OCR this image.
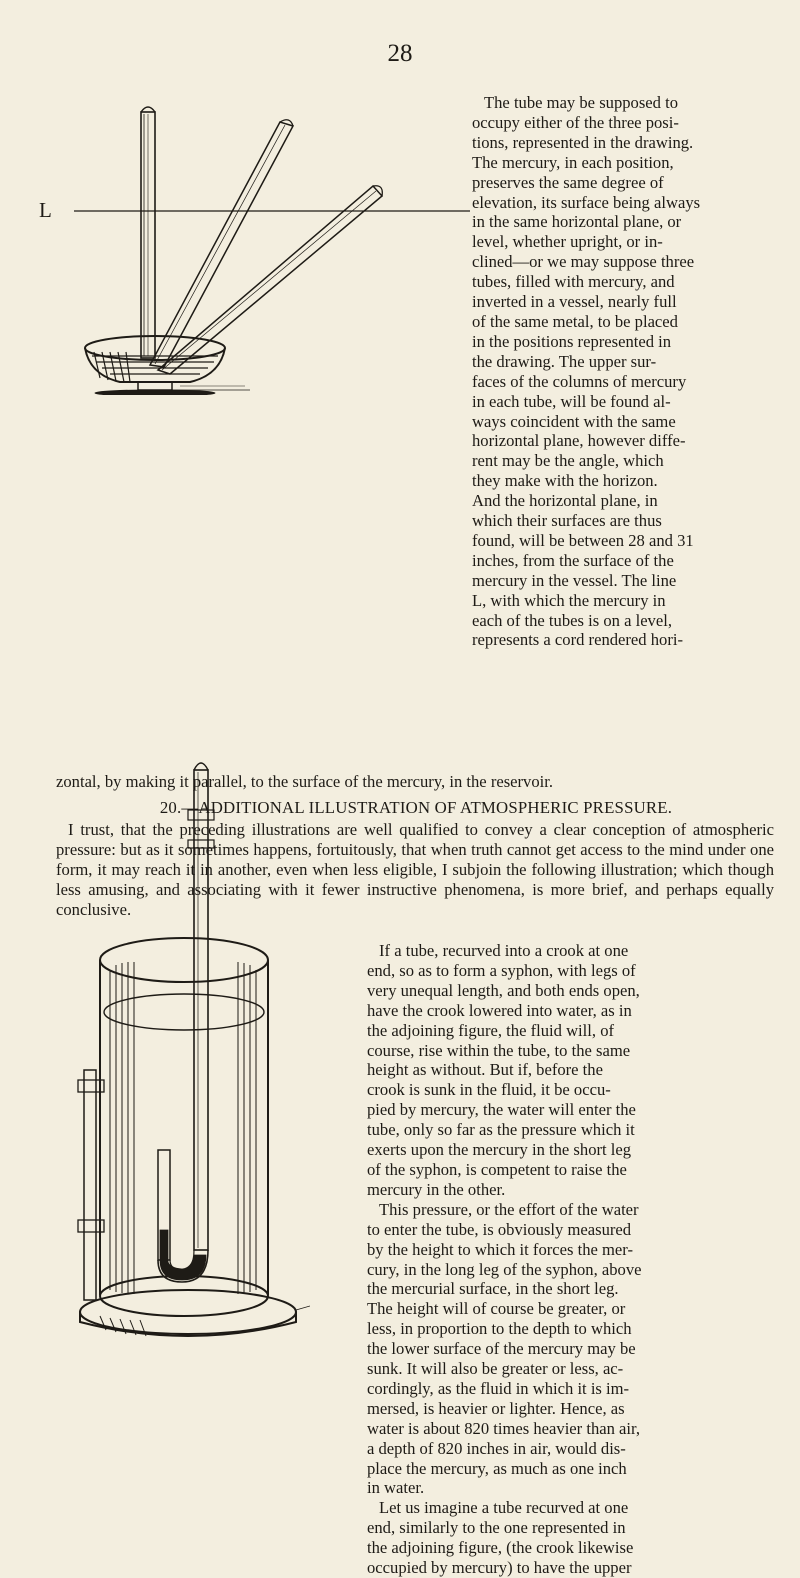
28
L

The tube may be supposed to

occupy either of the three posi-

tions, represented in the drawing.

The mercury, in each position,

preserves the same degree of

elevation, its surface being always

in the same horizontal plane, or

level, whether upright, or in-

clined—or we may suppose three

tubes, filled with mercury, and

inverted in a vessel, nearly full

of the same metal, to be placed

in the positions represented in

the drawing. The upper sur-

faces of the columns of mercury

in each tube, will be found al-

ways coincident with the same

horizontal plane, however diffe-

rent may be the angle, which

they make with the horizon.

And the horizontal plane, in

which their surfaces are thus

found, will be between 28 and 31

inches, from the surface of the

mercury in the vessel. The line

L, with which the mercury in

each of the tubes is on a level,

represents a cord rendered hori-

zontal, by making it parallel, to the surface of the mercury, in the reservoir.

20.—ADDITIONAL ILLUSTRATION OF ATMOSPHERIC PRESSURE.

I trust, that the preceding illustrations are well qualified to convey a clear conception of atmospheric pressure: but as it sometimes happens, fortuitously, that when truth cannot get access to the mind under one form, it may reach it in another, even when less eligible, I subjoin the following illustration; which though less amusing, and associating with it fewer instructive phenomena, is more brief, and perhaps equally conclusive.

If a tube, recurved into a crook at one

end, so as to form a syphon, with legs of

very unequal length, and both ends open,

have the crook lowered into water, as in

the adjoining figure, the fluid will, of

course, rise within the tube, to the same

height as without. But if, before the

crook is sunk in the fluid, it be occu-

pied by mercury, the water will enter the

tube, only so far as the pressure which it

exerts upon the mercury in the short leg

of the syphon, is competent to raise the

mercury in the other.

This pressure, or the effort of the water

to enter the tube, is obviously measured

by the height to which it forces the mer-

cury, in the long leg of the syphon, above

the mercurial surface, in the short leg.

The height will of course be greater, or

less, in proportion to the depth to which

the lower surface of the mercury may be

sunk. It will also be greater or less, ac-

cordingly, as the fluid in which it is im-

mersed, is heavier or lighter. Hence, as

water is about 820 times heavier than air,

a depth of 820 inches in air, would dis-

place the mercury, as much as one inch

in water.

Let us imagine a tube recurved at one

end, similarly to the one represented in

the adjoining figure, (the crook likewise

occupied by mercury) to have the upper
